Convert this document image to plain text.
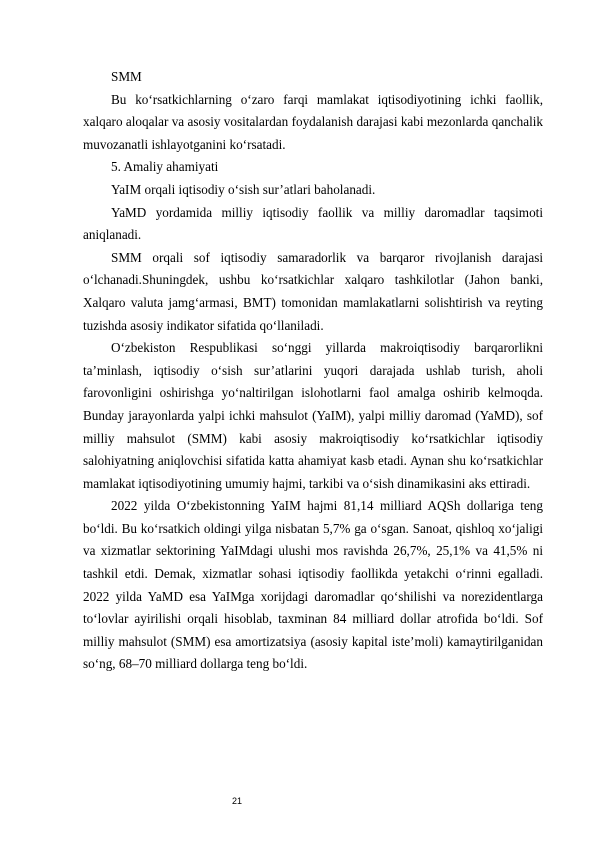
SMM

Bu ko‘rsatkichlarning o‘zaro farqi mamlakat iqtisodiyotining ichki faollik, xalqaro aloqalar va asosiy vositalardan foydalanish darajasi kabi mezonlarda qanchalik muvozanatli ishlayotganini ko‘rsatadi.

5. Amaliy ahamiyati

YaIM orqali iqtisodiy o‘sish sur’atlari baholanadi.

YaMD yordamida milliy iqtisodiy faollik va milliy daromadlar taqsimoti aniqlanadi.

SMM orqali sof iqtisodiy samaradorlik va barqaror rivojlanish darajasi o‘lchanadi.Shuningdek, ushbu ko‘rsatkichlar xalqaro tashkilotlar (Jahon banki, Xalqaro valuta jamg‘armasi, BMT) tomonidan mamlakatlarni solishtirish va reyting tuzishda asosiy indikator sifatida qo‘llaniladi.

O‘zbekiston Respublikasi so‘nggi yillarda makroiqtisodiy barqarorlikni ta’minlash, iqtisodiy o‘sish sur’atlarini yuqori darajada ushlab turish, aholi farovonligini oshirishga yo‘naltirilgan islohotlarni faol amalga oshirib kelmoqda. Bunday jarayonlarda yalpi ichki mahsulot (YaIM), yalpi milliy daromad (YaMD), sof milliy mahsulot (SMM) kabi asosiy makroiqtisodiy ko‘rsatkichlar iqtisodiy salohiyatning aniqlovchisi sifatida katta ahamiyat kasb etadi. Aynan shu ko‘rsatkichlar mamlakat iqtisodiyotining umumiy hajmi, tarkibi va o‘sish dinamikasini aks ettiradi.

2022 yilda O‘zbekistonning YaIM hajmi 81,14 milliard AQSh dollariga teng bo‘ldi. Bu ko‘rsatkich oldingi yilga nisbatan 5,7% ga o‘sgan. Sanoat, qishloq xo‘jaligi va xizmatlar sektorining YaIMdagi ulushi mos ravishda 26,7%, 25,1% va 41,5% ni tashkil etdi. Demak, xizmatlar sohasi iqtisodiy faollikda yetakchi o‘rinni egalladi. 2022 yilda YaMD esa YaIMga xorijdagi daromadlar qo‘shilishi va norezidentlarga to‘lovlar ayirilishi orqali hisoblab, taxminan 84 milliard dollar atrofida bo‘ldi. Sof milliy mahsulot (SMM) esa amortizatsiya (asosiy kapital iste’moli) kamaytirilganidan so‘ng, 68–70 milliard dollarga teng bo‘ldi.

21
